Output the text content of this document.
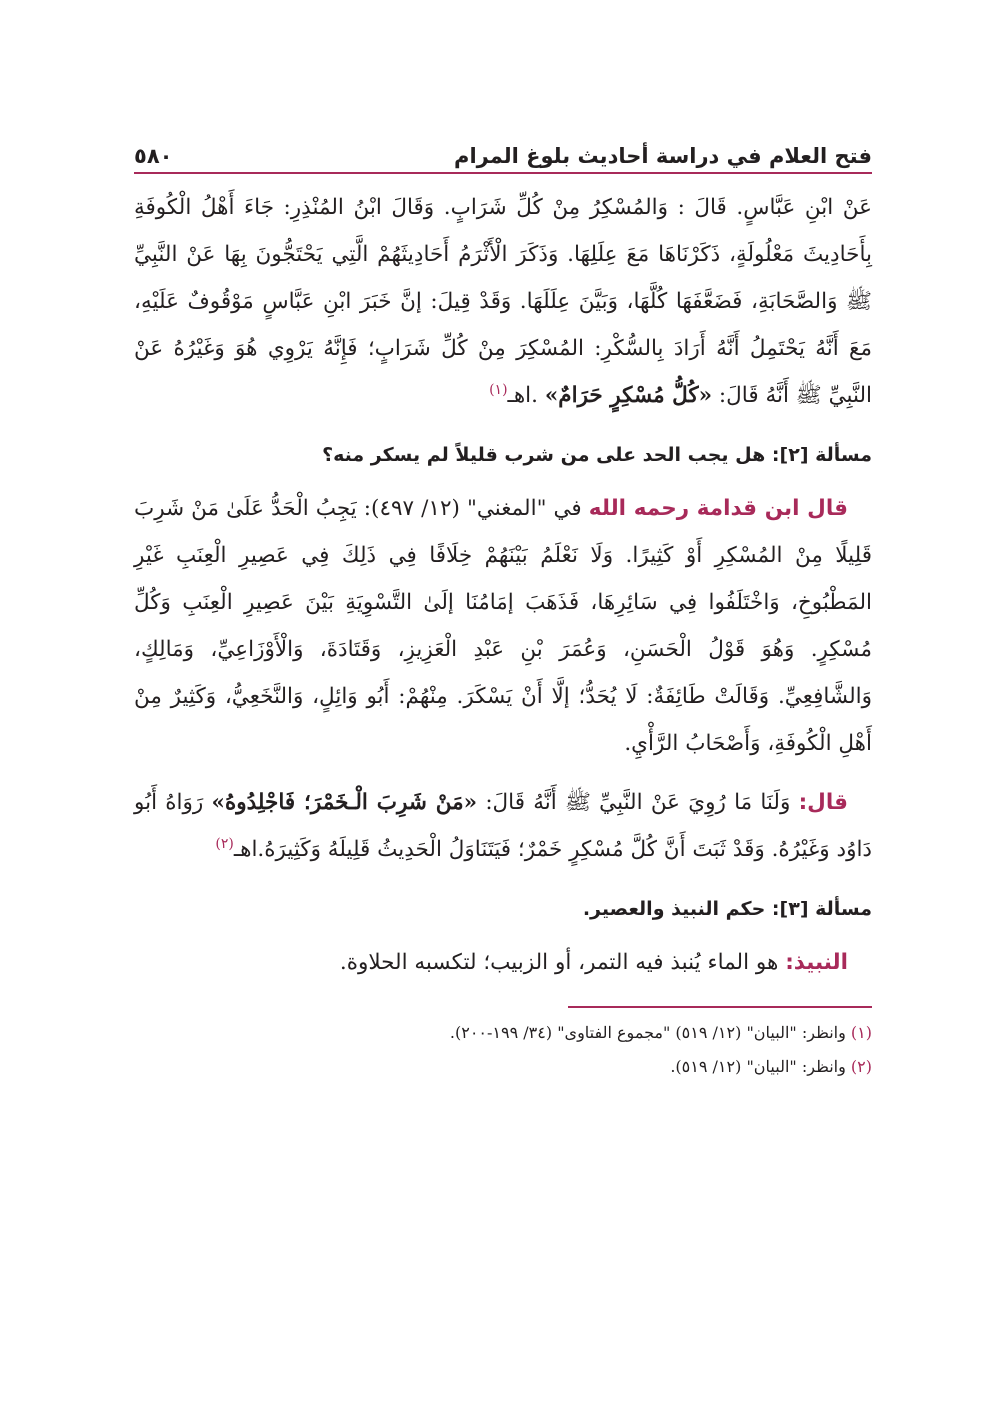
فتح العلام في دراسة أحاديث بلوغ المرام
٥٨٠

عَنْ ابْنِ عَبَّاسٍ. قَالَ : وَالمُسْكِرُ مِنْ كُلِّ شَرَابٍ. وَقَالَ ابْنُ المُنْذِرِ: جَاءَ أَهْلُ الْكُوفَةِ بِأَحَادِيثَ مَعْلُولَةٍ، ذَكَرْنَاهَا مَعَ عِلَلِهَا. وَذَكَرَ الْأَثْرَمُ أَحَادِيثَهُمْ الَّتِي يَحْتَجُّونَ بِهَا عَنْ النَّبِيِّ ﷺ وَالصَّحَابَةِ، فَضَعَّفَهَا كُلَّهَا، وَبَيَّنَ عِلَلَهَا. وَقَدْ قِيلَ: إنَّ خَبَرَ ابْنِ عَبَّاسٍ مَوْقُوفٌ عَلَيْهِ، مَعَ أَنَّهُ يَحْتَمِلُ أَنَّهُ أَرَادَ بِالسُّكْرِ: المُسْكِرَ مِنْ كُلِّ شَرَابٍ؛ فَإِنَّهُ يَرْوِي هُوَ وَغَيْرُهُ عَنْ النَّبِيِّ ﷺ أَنَّهُ قَالَ: «كُلُّ مُسْكِرٍ حَرَامٌ» .اهـ$^{(١)}$

مسألة [٢]: هل يجب الحد على من شرب قليلاً لم يسكر منه؟

قال ابن قدامة رحمه الله في "المغني" (١٢/ ٤٩٧): يَجِبُ الْحَدُّ عَلَىٰ مَنْ شَرِبَ قَلِيلًا مِنْ المُسْكِرِ أَوْ كَثِيرًا. وَلَا نَعْلَمُ بَيْنَهُمْ خِلَافًا فِي ذَلِكَ فِي عَصِيرِ الْعِنَبِ غَيْرِ المَطْبُوخِ، وَاخْتَلَفُوا فِي سَائِرِهَا، فَذَهَبَ إمَامُنَا إلَىٰ التَّسْوِيَةِ بَيْنَ عَصِيرِ الْعِنَبِ وَكُلِّ مُسْكِرٍ. وَهُوَ قَوْلُ الْحَسَنِ، وَعُمَرَ بْنِ عَبْدِ الْعَزِيزِ، وَقَتَادَةَ، وَالْأَوْزَاعِيِّ، وَمَالِكٍ، وَالشَّافِعِيِّ. وَقَالَتْ طَائِفَةٌ: لَا يُحَدُّ؛ إلَّا أَنْ يَسْكَرَ. مِنْهُمْ: أَبُو وَائِلٍ، وَالنَّخَعِيُّ، وَكَثِيرٌ مِنْ أَهْلِ الْكُوفَةِ، وَأَصْحَابُ الرَّأْيِ.

قال: وَلَنَا مَا رُوِيَ عَنْ النَّبِيِّ ﷺ أَنَّهُ قَالَ: «مَنْ شَرِبَ الْـخَمْرَ؛ فَاجْلِدُوهُ» رَوَاهُ أَبُو دَاوُد وَغَيْرُهُ. وَقَدْ ثَبَتَ أَنَّ كُلَّ مُسْكِرٍ خَمْرٌ؛ فَيَتَنَاوَلُ الْحَدِيثُ قَلِيلَهُ وَكَثِيرَهُ.اهـ$^{(٢)}$

مسألة [٣]: حكم النبيذ والعصير.

النبيذ: هو الماء يُنبذ فيه التمر، أو الزبيب؛ لتكسبه الحلاوة.

(١) وانظر: "البيان" (١٢/ ٥١٩) "مجموع الفتاوى" (٣٤/ ١٩٩-٢٠٠).

(٢) وانظر: "البيان" (١٢/ ٥١٩).
